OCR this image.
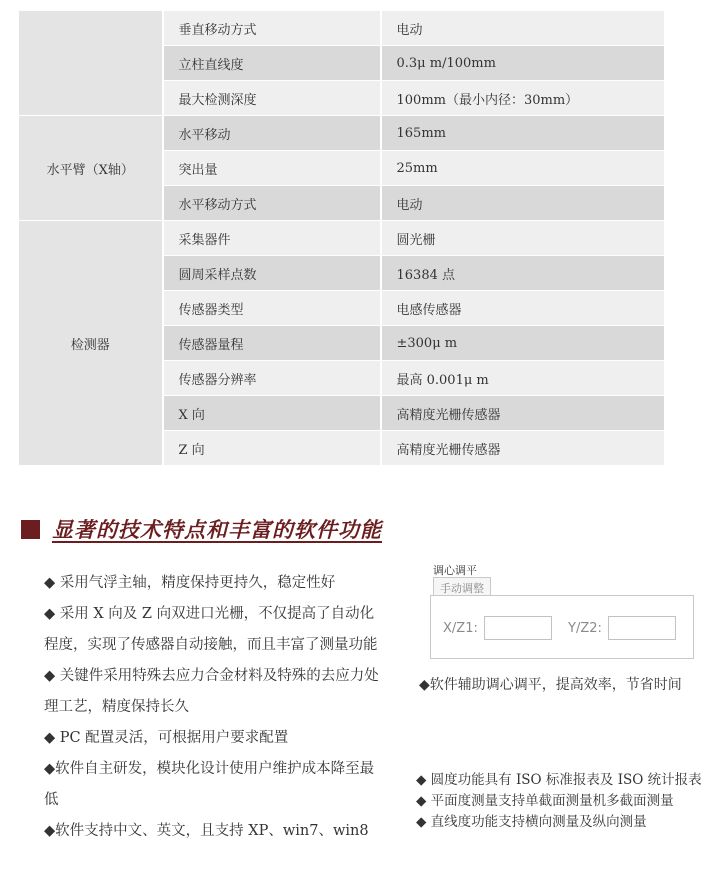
	垂直移动方式	电动
	立柱直线度	0.3μ m/100mm
	最大检测深度	100mm（最小内径：30mm）
水平臂（X轴）	水平移动	165mm
	突出量	25mm
	水平移动方式	电动
检测器	采集器件	圆光栅
	圆周采样点数	16384 点
	传感器类型	电感传感器
	传感器量程	±300μ m
	传感器分辨率	最高 0.001μ m
	X 向	高精度光栅传感器
	Z 向	高精度光栅传感器
显著的技术特点和丰富的软件功能

◆ 采用气浮主轴，精度保持更持久，稳定性好

◆ 采用 X 向及 Z 向双进口光栅，不仅提高了自动化程度，实现了传感器自动接触，而且丰富了测量功能

◆ 关键件采用特殊去应力合金材料及特殊的去应力处理工艺，精度保持长久

◆ PC 配置灵活，可根据用户要求配置

◆软件自主研发，模块化设计使用户维护成本降至最低

◆软件支持中文、英文，且支持 XP、win7、win8

调心调平
手动调整
X/Z1:	Y/Z2:
◆软件辅助调心调平，提高效率，节省时间

◆ 圆度功能具有 ISO 标准报表及 ISO 统计报表

◆ 平面度测量支持单截面测量机多截面测量

◆ 直线度功能支持横向测量及纵向测量
